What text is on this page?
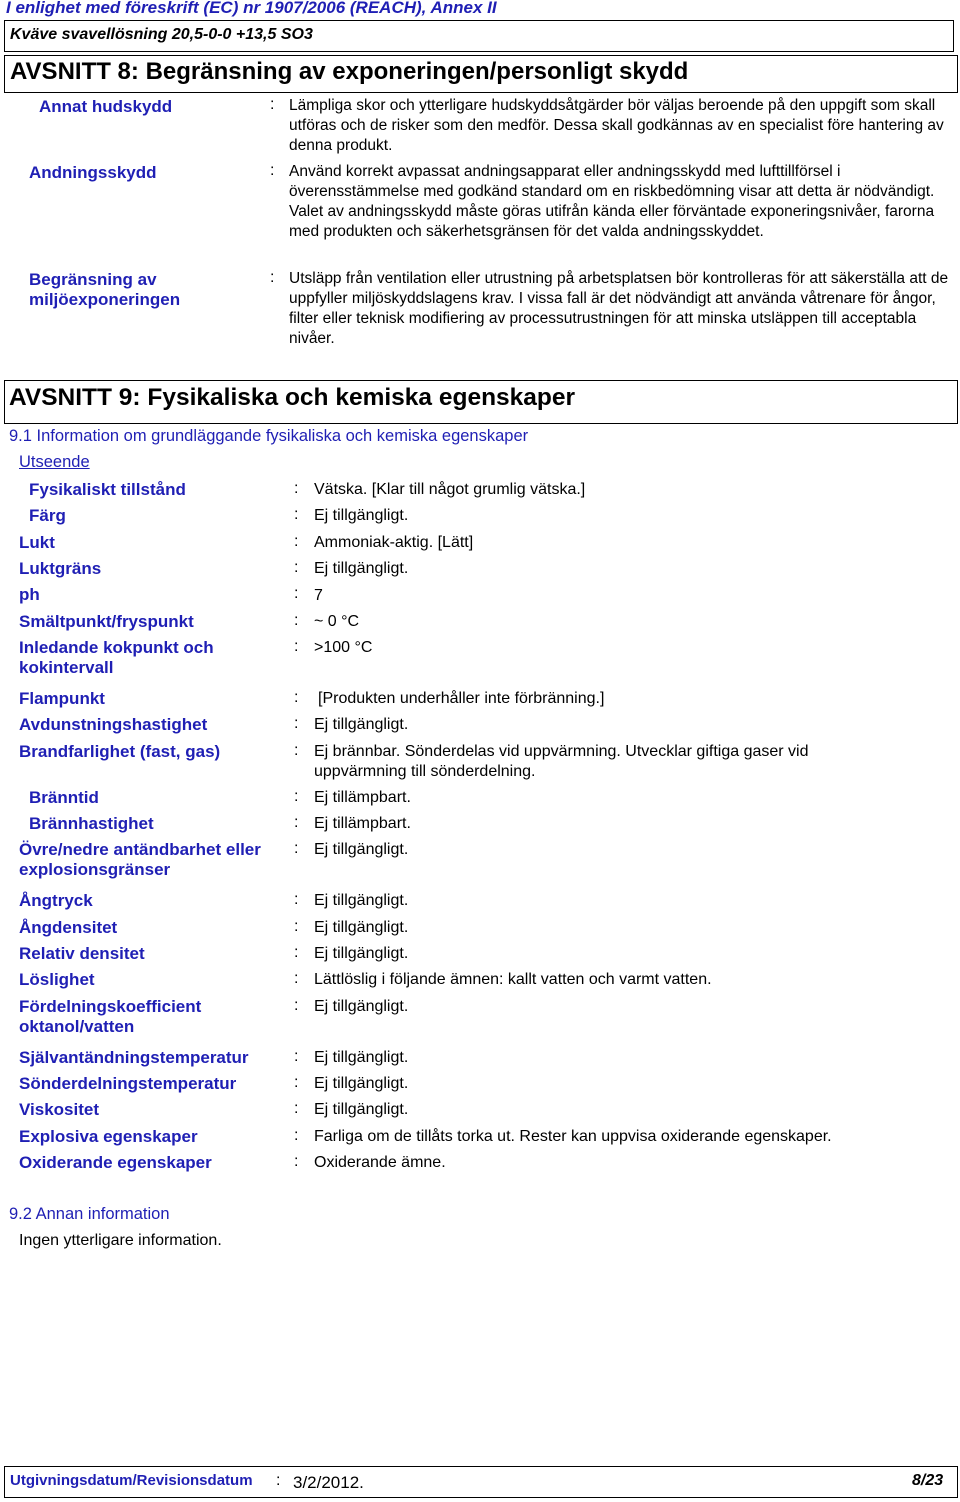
I enlighet med föreskrift (EC) nr 1907/2006 (REACH), Annex II
Kväve svavellösning 20,5-0-0 +13,5 SO3
AVSNITT 8: Begränsning av exponeringen/personligt skydd
Annat hudskydd	: Lämpliga skor och ytterligare hudskyddsåtgärder bör väljas beroende på den uppgift som skall utföras och de risker som den medför. Dessa skall godkännas av en specialist före hantering av denna produkt.
Andningsskydd	: Använd korrekt avpassat andningsapparat eller andningsskydd med lufttillförsel i överensstämmelse med godkänd standard om en riskbedömning visar att detta är nödvändigt. Valet av andningsskydd måste göras utifrån kända eller förväntade exponeringsnivåer, farorna med produkten och säkerhetsgränsen för det valda andningsskyddet.
Begränsning av
miljöexponeringen
: Utsläpp från ventilation eller utrustning på arbetsplatsen bör kontrolleras för att säkerställa att de uppfyller miljöskyddslagens krav. I vissa fall är det nödvändigt att använda våtrenare för ångor, filter eller teknisk modifiering av processutrustningen för att minska utsläppen till acceptabla nivåer.
AVSNITT 9: Fysikaliska och kemiska egenskaper
9.1 Information om grundläggande fysikaliska och kemiska egenskaper
Utseende
Fysikaliskt tillstånd	: Vätska. [Klar till något grumlig vätska.]
Färg	: Ej tillgängligt.
Lukt	: Ammoniak-aktig. [Lätt]
Luktgräns	: Ej tillgängligt.
ph	: 7
Smältpunkt/fryspunkt	: ~ 0 °C
Inledande kokpunkt och kokintervall
: >100 °C
Flampunkt	: [Produkten underhåller inte förbränning.]
Avdunstningshastighet	: Ej tillgängligt.
Brandfarlighet (fast, gas)	: Ej brännbar. Sönderdelas vid uppvärmning. Utvecklar giftiga gaser vid uppvärmning till sönderdelning.
Bränntid	: Ej tillämpbart.
Brännhastighet	: Ej tillämpbart.
Övre/nedre antändbarhet eller explosionsgränser
: Ej tillgängligt.
Ångtryck	: Ej tillgängligt.
Ångdensitet	: Ej tillgängligt.
Relativ densitet	: Ej tillgängligt.
Löslighet	: Lättlöslig i följande ämnen: kallt vatten och varmt vatten.
Fördelningskoefficient oktanol/vatten
: Ej tillgängligt.
Självantändningstemperatur	: Ej tillgängligt.
Sönderdelningstemperatur	: Ej tillgängligt.
Viskositet	: Ej tillgängligt.
Explosiva egenskaper	: Farliga om de tillåts torka ut. Rester kan uppvisa oxiderande egenskaper.
Oxiderande egenskaper	: Oxiderande ämne.
9.2 Annan information
Ingen ytterligare information.
Utgivningsdatum/Revisionsdatum : 3/2/2012.	8/23
